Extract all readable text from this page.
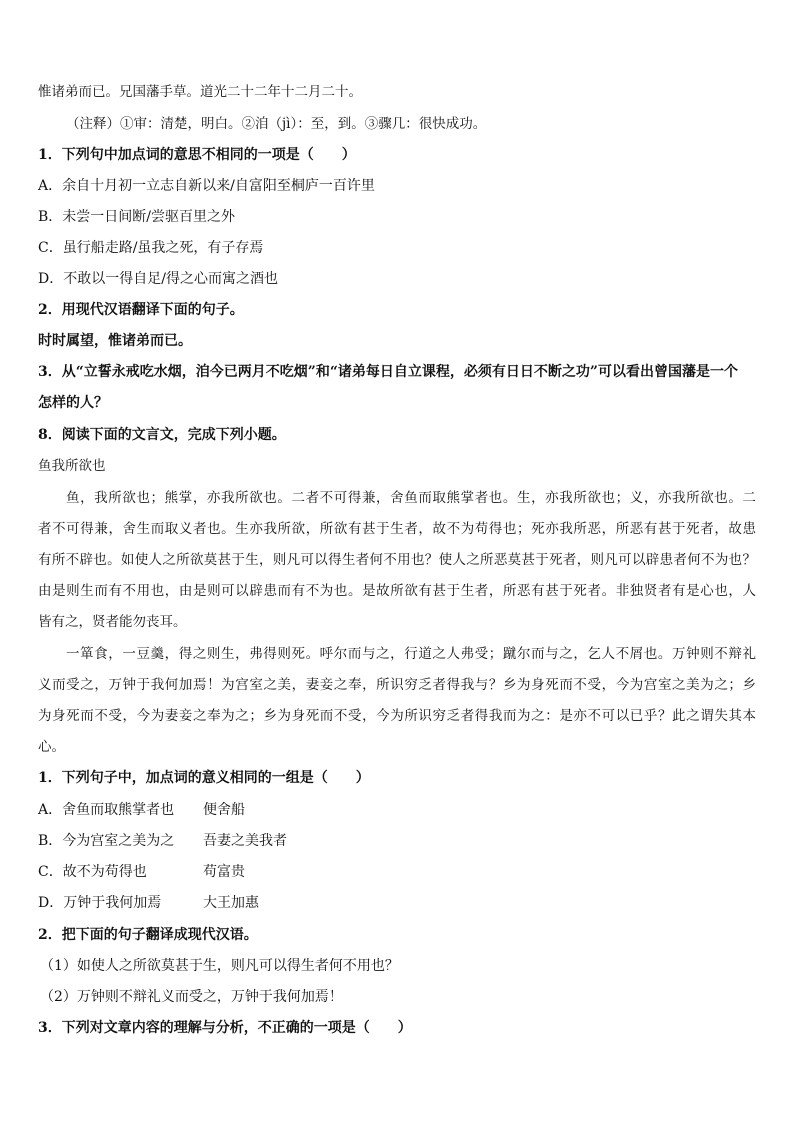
惟诸弟而已。兄国藩手草。道光二十二年十二月二十。
（注释）①审：清楚，明白。②洎（jì）：至，到。③骤几：很快成功。
1．下列句中加点词的意思不相同的一项是（　　）
A．余自十月初一立志自新以来/自富阳至桐庐一百许里
B．未尝一日间断/尝驱百里之外
C．虽行船走路/虽我之死，有子存焉
D．不敢以一得自足/得之心而寓之酒也
2．用现代汉语翻译下面的句子。
时时属望，惟诸弟而已。
3．从“立誓永戒吃水烟，洎今已两月不吃烟”和“诸弟每日自立课程，必须有日日不断之功”可以看出曾国藩是一个
怎样的人？
8．阅读下面的文言文，完成下列小题。
鱼我所欲也
鱼，我所欲也；熊掌，亦我所欲也。二者不可得兼，舍鱼而取熊掌者也。生，亦我所欲也；义，亦我所欲也。二
者不可得兼，舍生而取义者也。生亦我所欲，所欲有甚于生者，故不为苟得也；死亦我所恶，所恶有甚于死者，故患
有所不辟也。如使人之所欲莫甚于生，则凡可以得生者何不用也？使人之所恶莫甚于死者，则凡可以辟患者何不为也？
由是则生而有不用也，由是则可以辟患而有不为也。是故所欲有甚于生者，所恶有甚于死者。非独贤者有是心也，人
皆有之，贤者能勿丧耳。
一箪食，一豆羹，得之则生，弗得则死。呼尔而与之，行道之人弗受；蹴尔而与之，乞人不屑也。万钟则不辩礼
义而受之，万钟于我何加焉！为宫室之美，妻妾之奉，所识穷乏者得我与？乡为身死而不受，今为宫室之美为之；乡
为身死而不受，今为妻妾之奉为之；乡为身死而不受，今为所识穷乏者得我而为之：是亦不可以已乎？此之谓失其本
心。
1．下列句子中，加点词的意义相同的一组是（　　）
A．舍鱼而取熊掌者也 便舍船
B．今为宫室之美为之 吾妻之美我者
C．故不为苟得也	苟富贵
D．万钟于我何加焉	大王加惠
2．把下面的句子翻译成现代汉语。
（1）如使人之所欲莫甚于生，则凡可以得生者何不用也？
（2）万钟则不辩礼义而受之，万钟于我何加焉！
3．下列对文章内容的理解与分析，不正确的一项是（　　）
